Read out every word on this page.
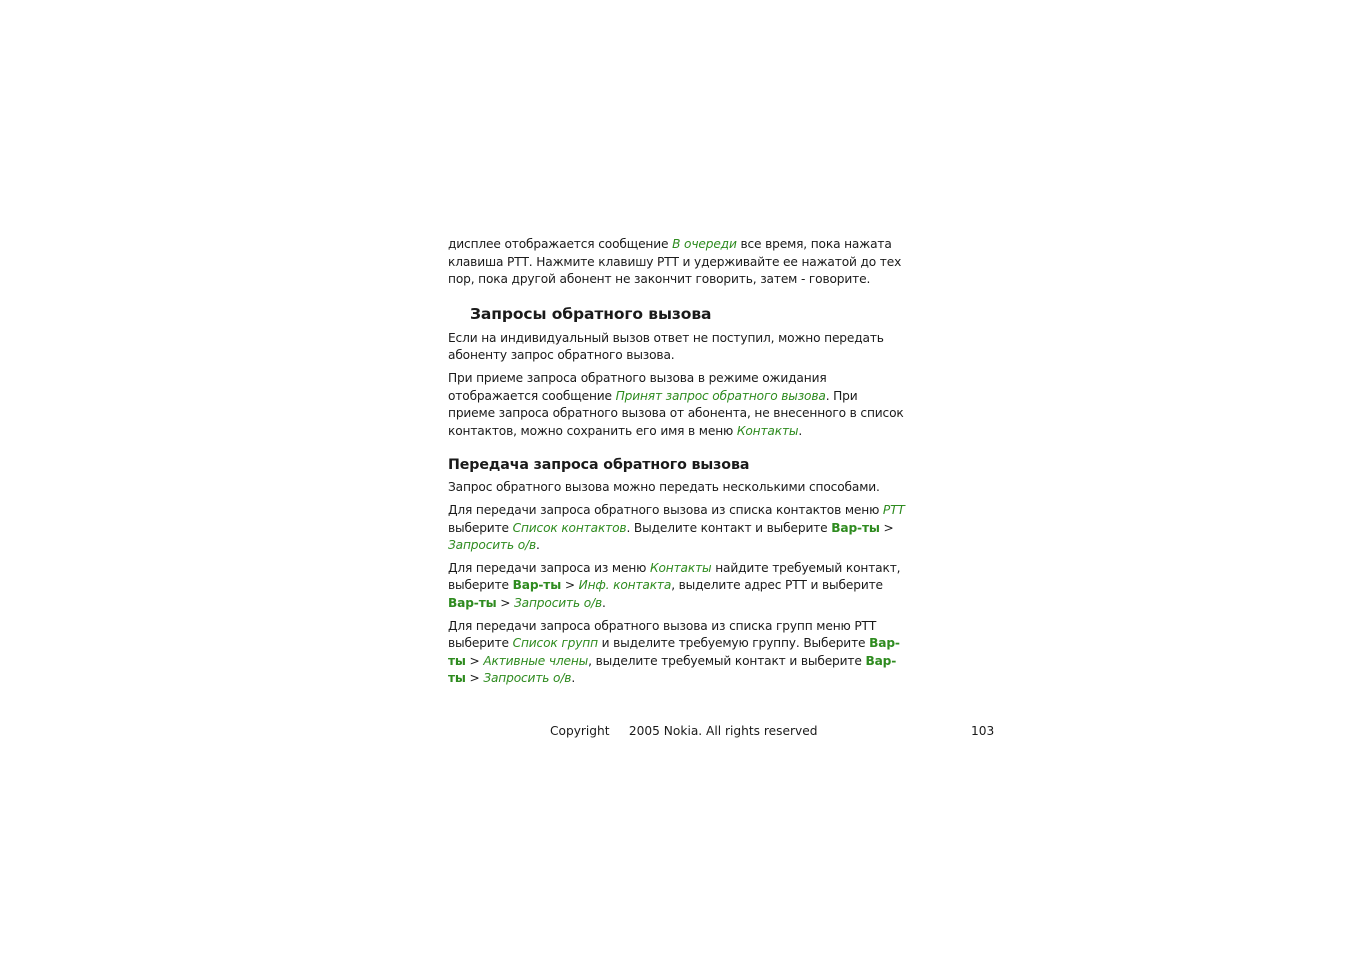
дисплее отображается сообщение В очереди все время, пока нажата клавиша РТТ. Нажмите клавишу РТТ и удерживайте ее нажатой до тех пор, пока другой абонент не закончит говорить, затем - говорите.

Запросы обратного вызова

Если на индивидуальный вызов ответ не поступил, можно передать абоненту запрос обратного вызова.

При приеме запроса обратного вызова в режиме ожидания отображается сообщение Принят запрос обратного вызова. При приеме запроса обратного вызова от абонента, не внесенного в список контактов, можно сохранить его имя в меню Контакты.

Передача запроса обратного вызова

Запрос обратного вызова можно передать несколькими способами.

Для передачи запроса обратного вызова из списка контактов меню РТТ выберите Список контактов. Выделите контакт и выберите Вар-ты > Запросить о/в.

Для передачи запроса из меню Контакты найдите требуемый контакт, выберите Вар-ты > Инф. контакта, выделите адрес РТТ и выберите Вар-ты > Запросить о/в.

Для передачи запроса обратного вызова из списка групп меню РТТ выберите Список групп и выделите требуемую группу. Выберите Вар-ты > Активные члены, выделите требуемый контакт и выберите Вар-ты > Запросить о/в.

Copyright     2005 Nokia. All rights reserved	103
